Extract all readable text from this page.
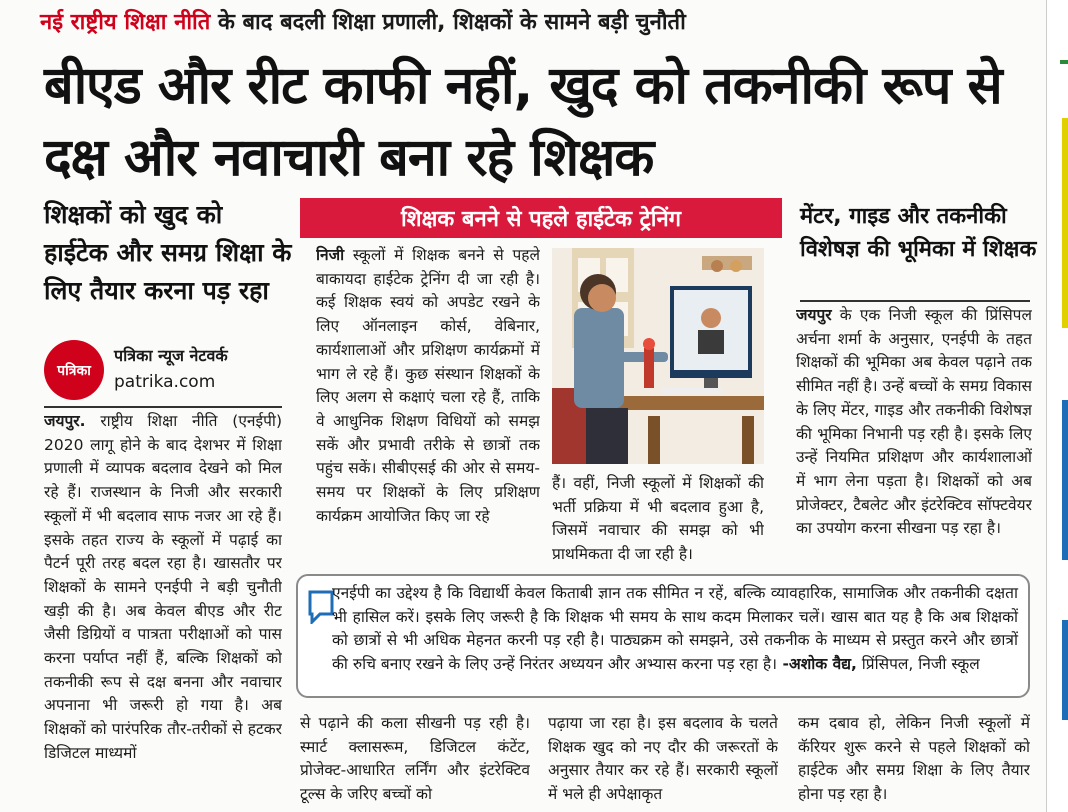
नई राष्ट्रीय शिक्षा नीति के बाद बदली शिक्षा प्रणाली, शिक्षकों के सामने बड़ी चुनौती
बीएड और रीट काफी नहीं, खुद को तकनीकी रूप से दक्ष और नवाचारी बना रहे शिक्षक
शिक्षकों को खुद को हाईटेक और समग्र शिक्षा के लिए तैयार करना पड़ रहा
पत्रिका
पत्रिका न्यूज नेटवर्क
patrika.com
जयपुर. राष्ट्रीय शिक्षा नीति (एनईपी) 2020 लागू होने के बाद देशभर में शिक्षा प्रणाली में व्यापक बदलाव देखने को मिल रहे हैं। राजस्थान के निजी और सरकारी स्कूलों में भी बदलाव साफ नजर आ रहे हैं। इसके तहत राज्य के स्कूलों में पढ़ाई का पैटर्न पूरी तरह बदल रहा है। खासतौर पर शिक्षकों के सामने एनईपी ने बड़ी चुनौती खड़ी की है। अब केवल बीएड और रीट जैसी डिग्रियों व पात्रता परीक्षाओं को पास करना पर्याप्त नहीं हैं, बल्कि शिक्षकों को तकनीकी रूप से दक्ष बनना और नवाचार अपनाना भी जरूरी हो गया है। अब शिक्षकों को पारंपरिक तौर-तरीकों से हटकर डिजिटल माध्यमों
शिक्षक बनने से पहले हाईटेक ट्रेनिंग
निजी स्कूलों में शिक्षक बनने से पहले बाकायदा हाईटेक ट्रेनिंग दी जा रही है। कई शिक्षक स्वयं को अपडेट रखने के लिए ऑनलाइन कोर्स, वेबिनार, कार्यशालाओं और प्रशिक्षण कार्यक्रमों में भाग ले रहे हैं। कुछ संस्थान शिक्षकों के लिए अलग से कक्षाएं चला रहे हैं, ताकि वे आधुनिक शिक्षण विधियों को समझ सकें और प्रभावी तरीके से छात्रों तक पहुंच सकें। सीबीएसई की ओर से समय-समय पर शिक्षकों के लिए प्रशिक्षण कार्यक्रम आयोजित किए जा रहे
हैं। वहीं, निजी स्कूलों में शिक्षकों की भर्ती प्रक्रिया में भी बदलाव हुआ है, जिसमें नवाचार की समझ को भी प्राथमिकता दी जा रही है।
मेंटर, गाइड और तकनीकी विशेषज्ञ की भूमिका में शिक्षक
जयपुर के एक निजी स्कूल की प्रिंसिपल अर्चना शर्मा के अनुसार, एनईपी के तहत शिक्षकों की भूमिका अब केवल पढ़ाने तक सीमित नहीं है। उन्हें बच्चों के समग्र विकास के लिए मेंटर, गाइड और तकनीकी विशेषज्ञ की भूमिका निभानी पड़ रही है। इसके लिए उन्हें नियमित प्रशिक्षण और कार्यशालाओं में भाग लेना पड़ता है। शिक्षकों को अब प्रोजेक्टर, टैबलेट और इंटरेक्टिव सॉफ्टवेयर का उपयोग करना सीखना पड़ रहा है।
एनईपी का उद्देश्य है कि विद्यार्थी केवल किताबी ज्ञान तक सीमित न रहें, बल्कि व्यावहारिक, सामाजिक और तकनीकी दक्षता भी हासिल करें। इसके लिए जरूरी है कि शिक्षक भी समय के साथ कदम मिलाकर चलें। खास बात यह है कि अब शिक्षकों को छात्रों से भी अधिक मेहनत करनी पड़ रही है। पाठ्यक्रम को समझने, उसे तकनीक के माध्यम से प्रस्तुत करने और छात्रों की रुचि बनाए रखने के लिए उन्हें निरंतर अध्ययन और अभ्यास करना पड़ रहा है। -अशोक वैद्य, प्रिंसिपल, निजी स्कूल
से पढ़ाने की कला सीखनी पड़ रही है। स्मार्ट क्लासरूम, डिजिटल कंटेंट, प्रोजेक्ट-आधारित लर्निंग और इंटरेक्टिव टूल्स के जरिए बच्चों को
पढ़ाया जा रहा है। इस बदलाव के चलते शिक्षक खुद को नए दौर की जरूरतों के अनुसार तैयार कर रहे हैं। सरकारी स्कूलों में भले ही अपेक्षाकृत
कम दबाव हो, लेकिन निजी स्कूलों में कॅरियर शुरू करने से पहले शिक्षकों को हाईटेक और समग्र शिक्षा के लिए तैयार होना पड़ रहा है।
